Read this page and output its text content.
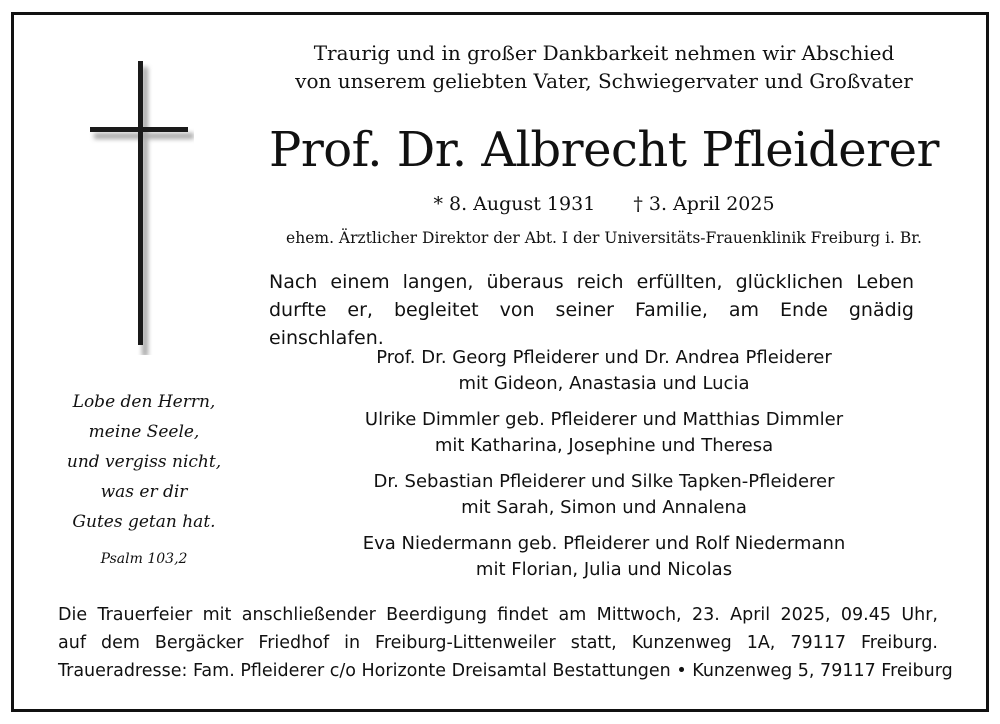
Traurig und in großer Dankbarkeit nehmen wir Abschied
von unserem geliebten Vater, Schwiegervater und Großvater
Prof. Dr. Albrecht Pfleiderer
* 8. August 1931 † 3. April 2025
ehem. Ärztlicher Direktor der Abt. I der Universitäts-Frauenklinik Freiburg i. Br.
Nach einem langen, überaus reich erfüllten, glücklichen Leben
durfte er, begleitet von seiner Familie, am Ende gnädig einschlafen.
Prof. Dr. Georg Pfleiderer und Dr. Andrea Pfleiderer
mit Gideon, Anastasia und Lucia
Ulrike Dimmler geb. Pfleiderer und Matthias Dimmler
mit Katharina, Josephine und Theresa
Dr. Sebastian Pfleiderer und Silke Tapken-Pfleiderer
mit Sarah, Simon und Annalena
Eva Niedermann geb. Pfleiderer und Rolf Niedermann
mit Florian, Julia und Nicolas
Lobe den Herrn,
meine Seele,
und vergiss nicht,
was er dir
Gutes getan hat.
Psalm 103,2
Die Trauerfeier mit anschließender Beerdigung findet am Mittwoch, 23. April 2025, 09.45 Uhr,
auf dem Bergäcker Friedhof in Freiburg-Littenweiler statt, Kunzenweg 1A, 79117 Freiburg.
Traueradresse: Fam. Pfleiderer c/o Horizonte Dreisamtal Bestattungen • Kunzenweg 5, 79117 Freiburg
